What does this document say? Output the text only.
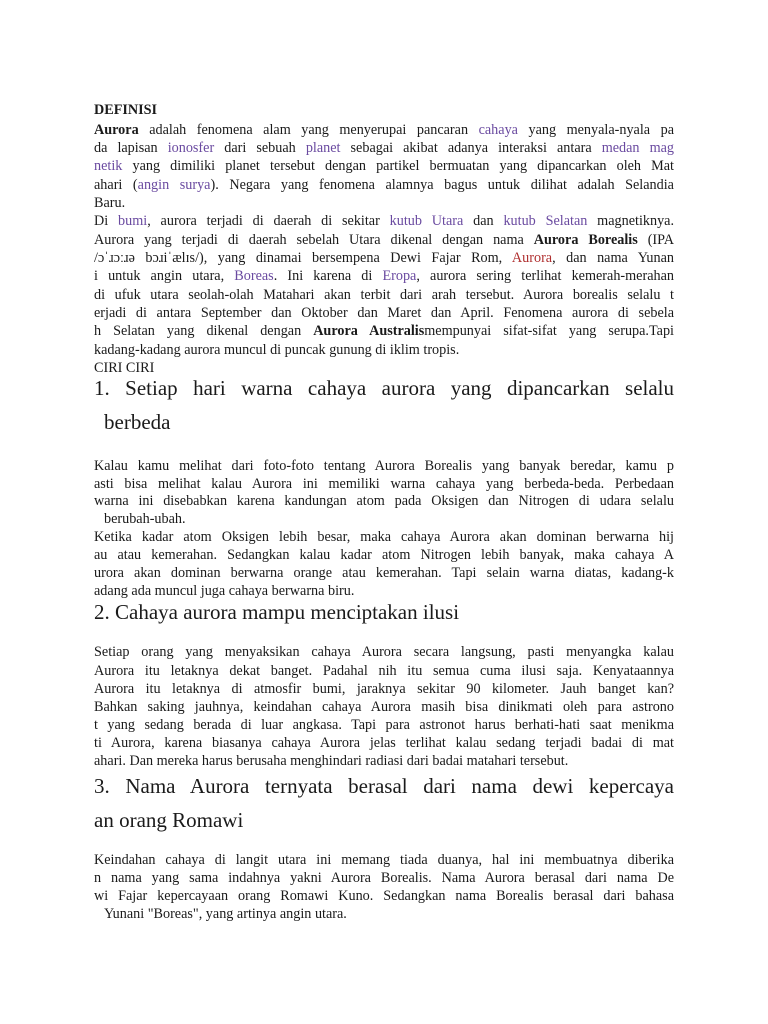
DEFINISI
Aurora adalah fenomena alam yang menyerupai pancaran cahaya yang menyala-nyala pa
da lapisan ionosfer dari sebuah planet sebagai akibat adanya interaksi antara medan mag
netik yang dimiliki planet tersebut dengan partikel bermuatan yang dipancarkan oleh Mat
ahari (angin surya). Negara yang fenomena alamnya bagus untuk dilihat adalah Selandia
Baru.
Di bumi, aurora terjadi di daerah di sekitar kutub Utara dan kutub Selatan magnetiknya.
Aurora yang terjadi di daerah sebelah Utara dikenal dengan nama Aurora Borealis (IPA
/ɔˈɹɔːɹə bɔɹiˈælɪs/), yang dinamai bersempena Dewi Fajar Rom, Aurora, dan nama Yunan
i untuk angin utara, Boreas. Ini karena di Eropa, aurora sering terlihat kemerah-merahan
di ufuk utara seolah-olah Matahari akan terbit dari arah tersebut. Aurora borealis selalu t
erjadi di antara September dan Oktober dan Maret dan April. Fenomena aurora di sebela
h Selatan yang dikenal dengan Aurora Australismempunyai sifat-sifat yang serupa.Tapi
kadang-kadang aurora muncul di puncak gunung di iklim tropis.
CIRI CIRI
1. Setiap hari warna cahaya aurora yang dipancarkan selalu
berbeda
Kalau kamu melihat dari foto-foto tentang Aurora Borealis yang banyak beredar, kamu p
asti bisa melihat kalau Aurora ini memiliki warna cahaya yang berbeda-beda. Perbedaan
warna ini disebabkan karena kandungan atom pada Oksigen dan Nitrogen di udara selalu
berubah-ubah.
Ketika kadar atom Oksigen lebih besar, maka cahaya Aurora akan dominan berwarna hij
au atau kemerahan. Sedangkan kalau kadar atom Nitrogen lebih banyak, maka cahaya A
urora akan dominan berwarna orange atau kemerahan. Tapi selain warna diatas, kadang-k
adang ada muncul juga cahaya berwarna biru.
2. Cahaya aurora mampu menciptakan ilusi
Setiap orang yang menyaksikan cahaya Aurora secara langsung, pasti menyangka kalau
Aurora itu letaknya dekat banget. Padahal nih itu semua cuma ilusi saja. Kenyataannya
Aurora itu letaknya di atmosfir bumi, jaraknya sekitar 90 kilometer. Jauh banget kan?
Bahkan saking jauhnya, keindahan cahaya Aurora masih bisa dinikmati oleh para astrono
t yang sedang berada di luar angkasa. Tapi para astronot harus berhati-hati saat menikma
ti Aurora, karena biasanya cahaya Aurora jelas terlihat kalau sedang terjadi badai di mat
ahari. Dan mereka harus berusaha menghindari radiasi dari badai matahari tersebut.
3. Nama Aurora ternyata berasal dari nama dewi kepercaya
an orang Romawi
Keindahan cahaya di langit utara ini memang tiada duanya, hal ini membuatnya diberika
n nama yang sama indahnya yakni Aurora Borealis. Nama Aurora berasal dari nama De
wi Fajar kepercayaan orang Romawi Kuno. Sedangkan nama Borealis berasal dari bahasa
Yunani "Boreas", yang artinya angin utara.
